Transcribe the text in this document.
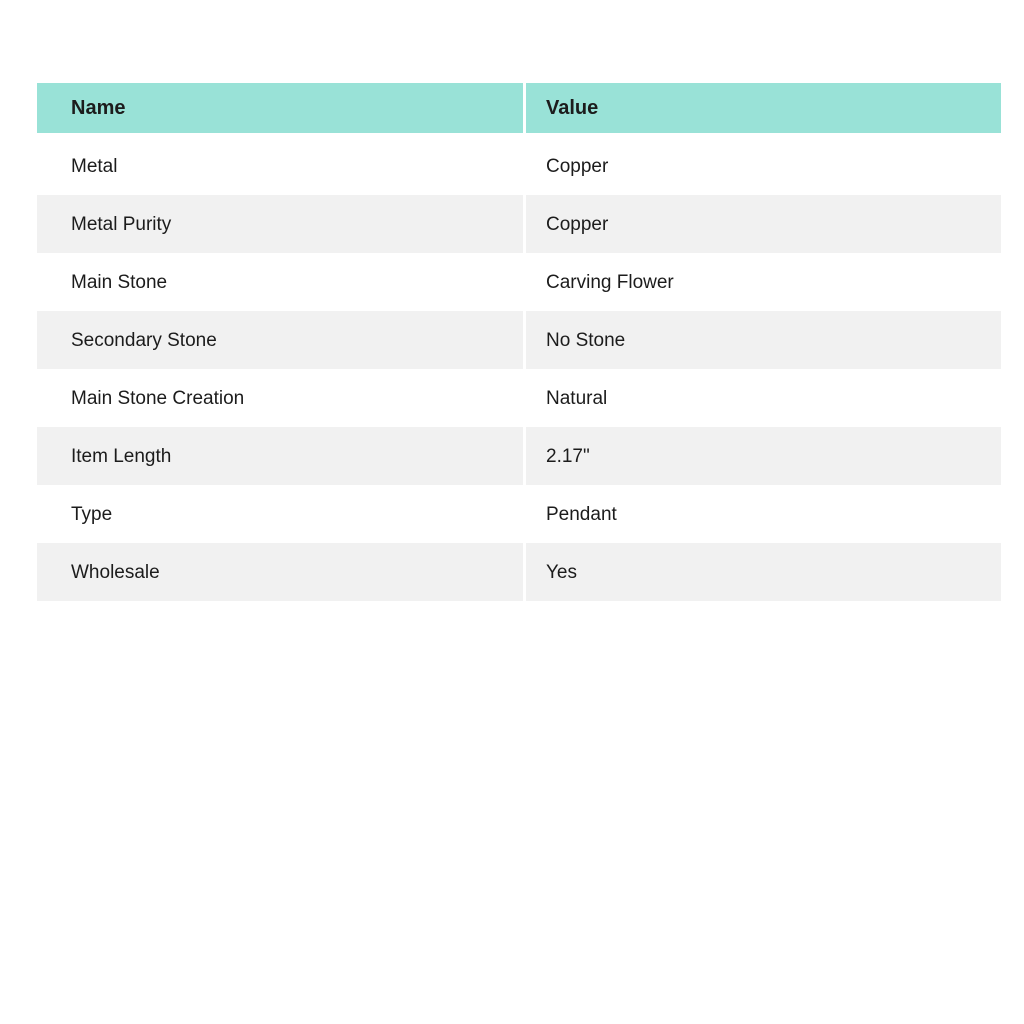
Name	Value
Metal	Copper
Metal Purity	Copper
Main Stone	Carving Flower
Secondary Stone	No Stone
Main Stone Creation	Natural
Item Length	2.17"
Type	Pendant
Wholesale	Yes
